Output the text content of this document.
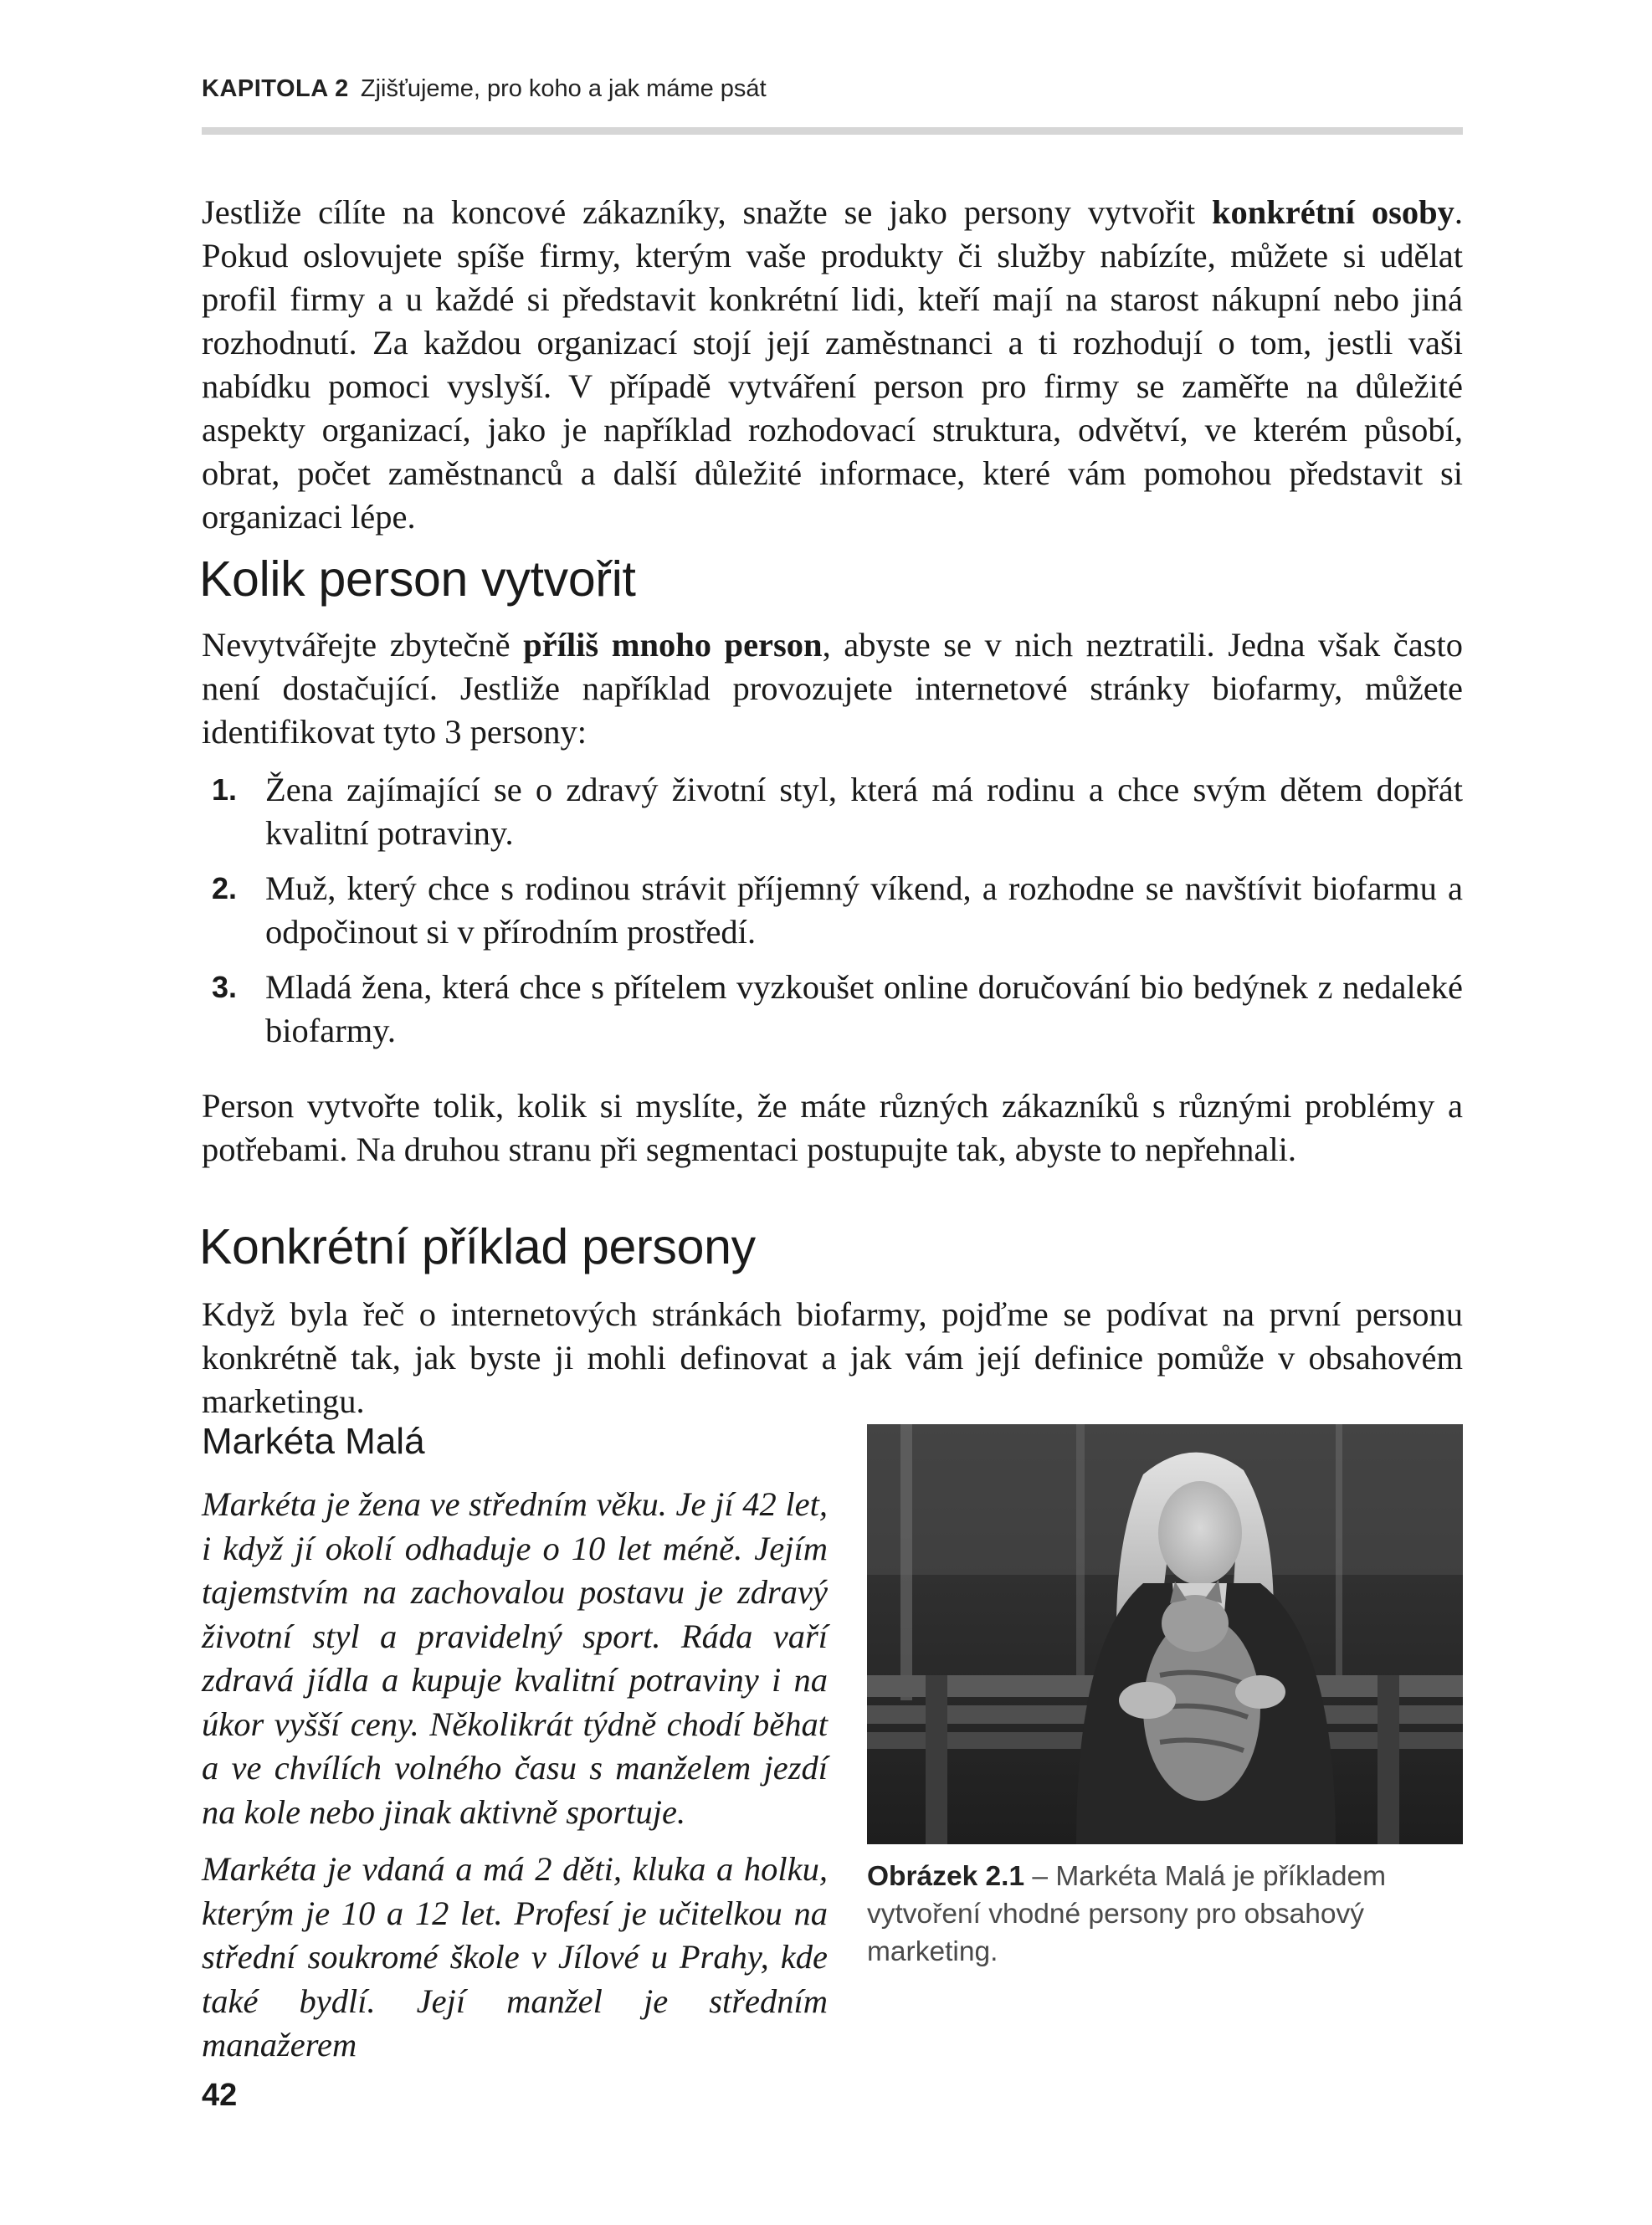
KAPITOLA 2 Zjišťujeme, pro koho a jak máme psát

Jestliže cílíte na koncové zákazníky, snažte se jako persony vytvořit konkrétní osoby. Pokud oslovujete spíše firmy, kterým vaše produkty či služby nabízíte, můžete si udělat profil firmy a u každé si představit konkrétní lidi, kteří mají na starost nákupní nebo jiná rozhodnutí. Za každou organizací stojí její zaměstnanci a ti rozhodují o tom, jestli vaši nabídku pomoci vyslyší. V případě vytváření person pro firmy se zaměřte na důležité aspekty organizací, jako je například rozhodovací struktura, odvětví, ve kterém působí, obrat, počet zaměstnanců a další důležité informace, které vám pomohou představit si organizaci lépe.

Kolik person vytvořit

Nevytvářejte zbytečně příliš mnoho person, abyste se v nich neztratili. Jedna však často není dostačující. Jestliže například provozujete internetové stránky biofarmy, můžete identifikovat tyto 3 persony:

1. Žena zajímající se o zdravý životní styl, která má rodinu a chce svým dětem dopřát kvalitní potraviny.
2. Muž, který chce s rodinou strávit příjemný víkend, a rozhodne se navštívit biofarmu a odpočinout si v přírodním prostředí.
3. Mladá žena, která chce s přítelem vyzkoušet online doručování bio bedýnek z nedaleké biofarmy.

Person vytvořte tolik, kolik si myslíte, že máte různých zákazníků s různými problémy a potřebami. Na druhou stranu při segmentaci postupujte tak, abyste to nepřehnali.

Konkrétní příklad persony

Když byla řeč o internetových stránkách biofarmy, pojďme se podívat na první personu konkrétně tak, jak byste ji mohli definovat a jak vám její definice pomůže v obsahovém marketingu.

Markéta Malá

Markéta je žena ve středním věku. Je jí 42 let, i když jí okolí odhaduje o 10 let méně. Jejím tajemstvím na zachovalou postavu je zdravý životní styl a pravidelný sport. Ráda vaří zdravá jídla a kupuje kvalitní potraviny i na úkor vyšší ceny. Několikrát týdně chodí běhat a ve chvílích volného času s manželem jezdí na kole nebo jinak aktivně sportuje.

Markéta je vdaná a má 2 děti, kluka a holku, kterým je 10 a 12 let. Profesí je učitelkou na střední soukromé škole v Jílové u Prahy, kde také bydlí. Její manžel je středním manažerem

Obrázek 2.1 – Markéta Malá je příkladem vytvoření vhodné persony pro obsahový marketing.
42
